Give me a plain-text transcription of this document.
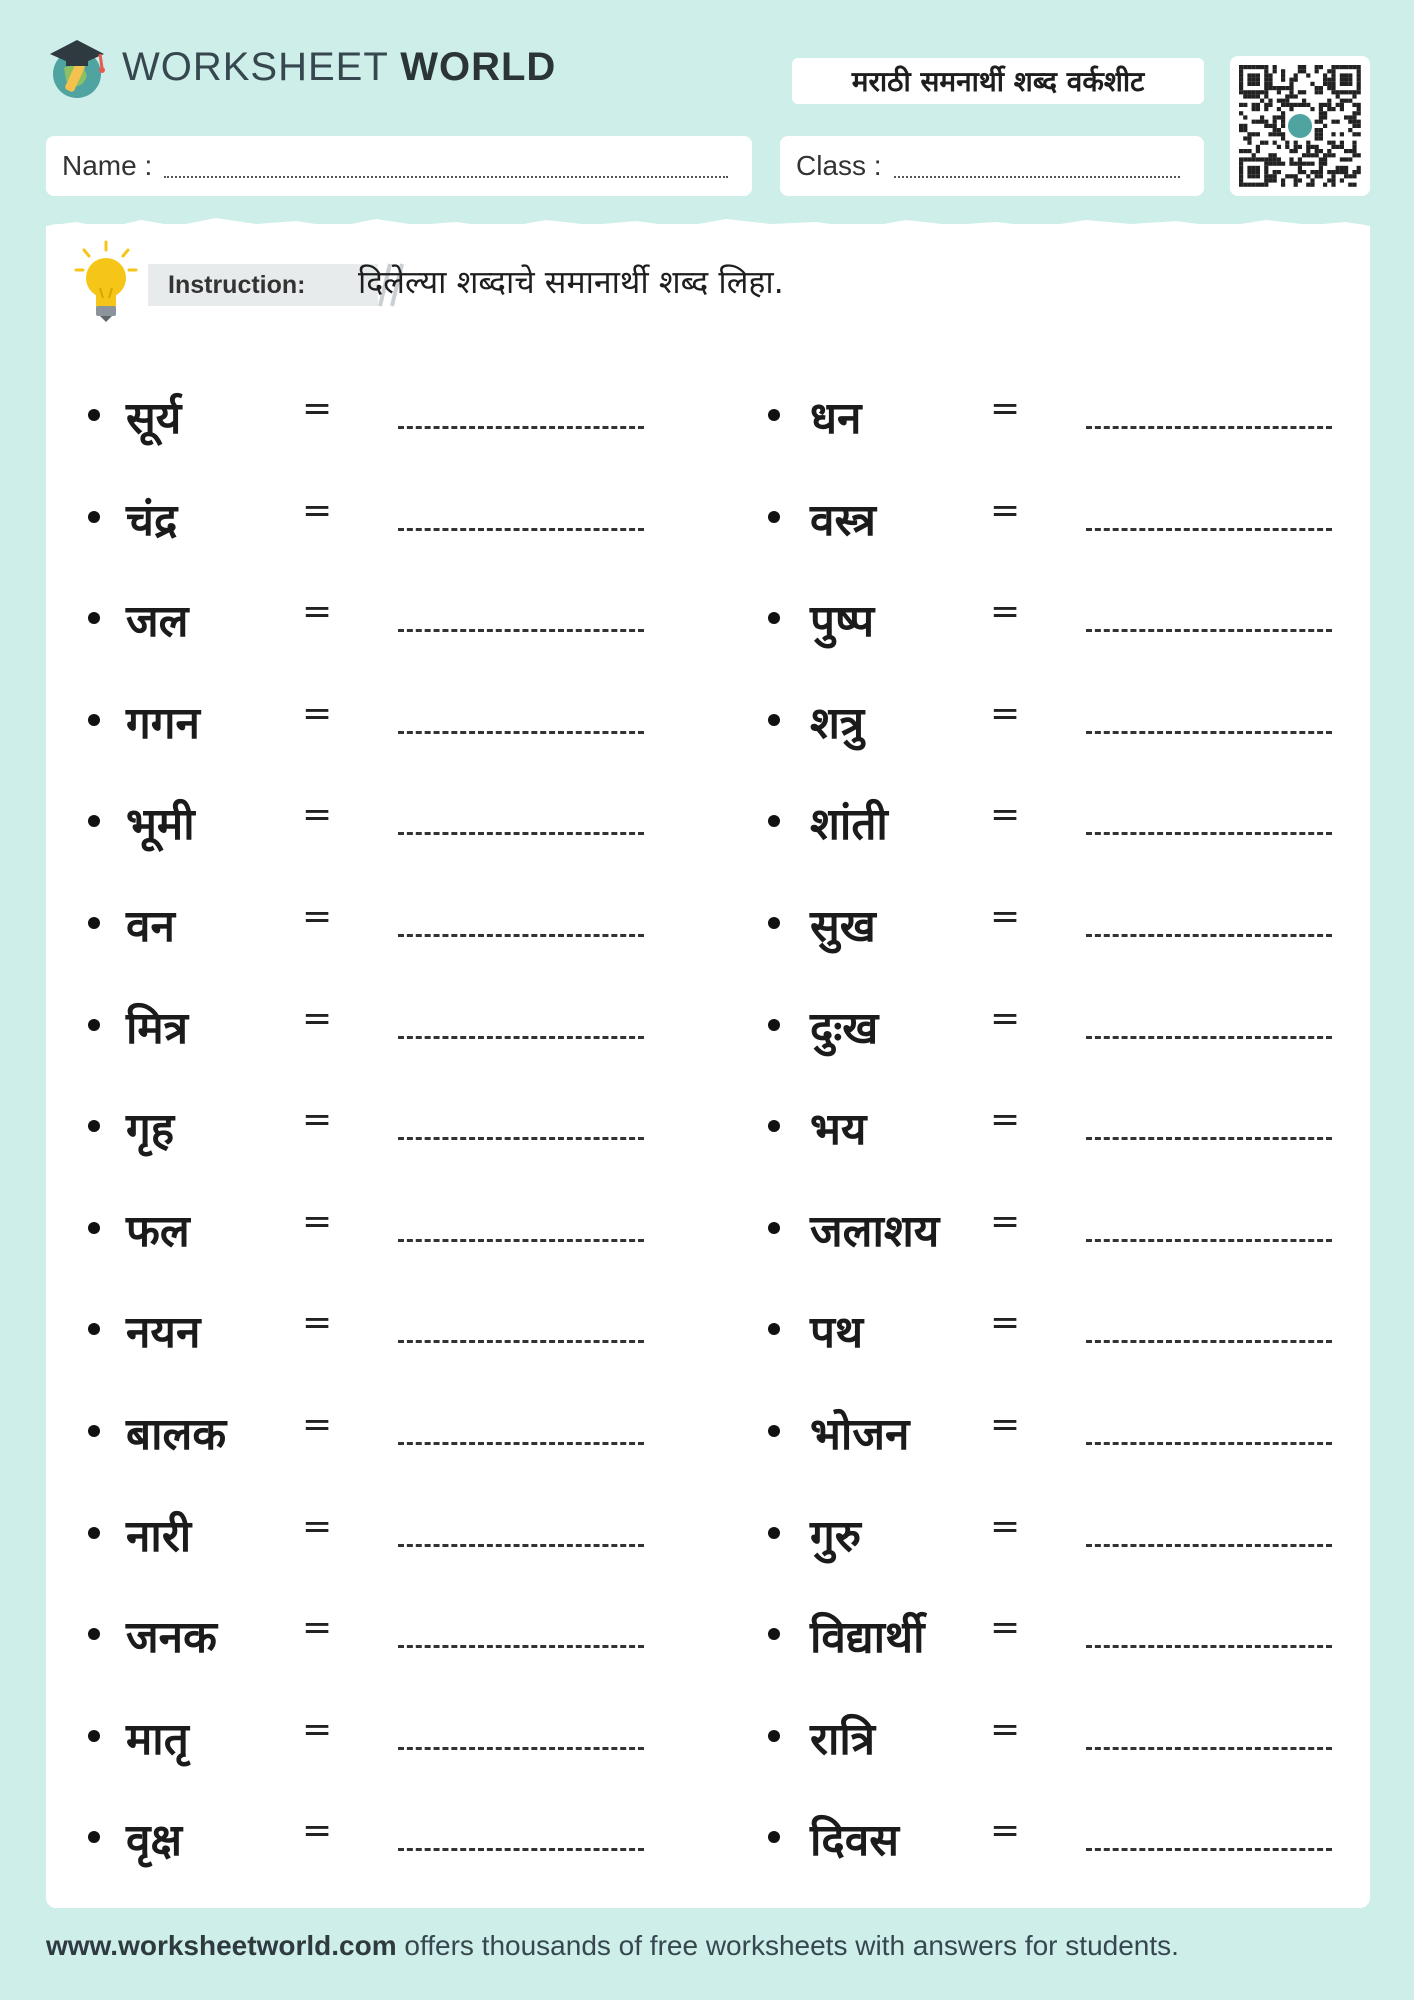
WORKSHEET WORLD	मराठी समनार्थी शब्द वर्कशीट
Name :	Class :
Instruction:	दिलेल्या शब्दाचे समानार्थी शब्द लिहा.
सूर्य	=
चंद्र	=
जल	=
गगन	=
भूमी	=
वन	=
मित्र	=
गृह	=
फल	=
नयन	=
बालक =
नारी	=
जनक =
मातृ	=
वृक्ष	=
धन	=
वस्त्र	=
पुष्प	=
शत्रु	=
शांती	=
सुख	=
दुःख	=
भय	=
जलाशय =
पथ	=
भोजन =
गुरु	=
विद्यार्थी =
रात्रि	=
दिवस	=
www.worksheetworld.com offers thousands of free worksheets with answers for students.
